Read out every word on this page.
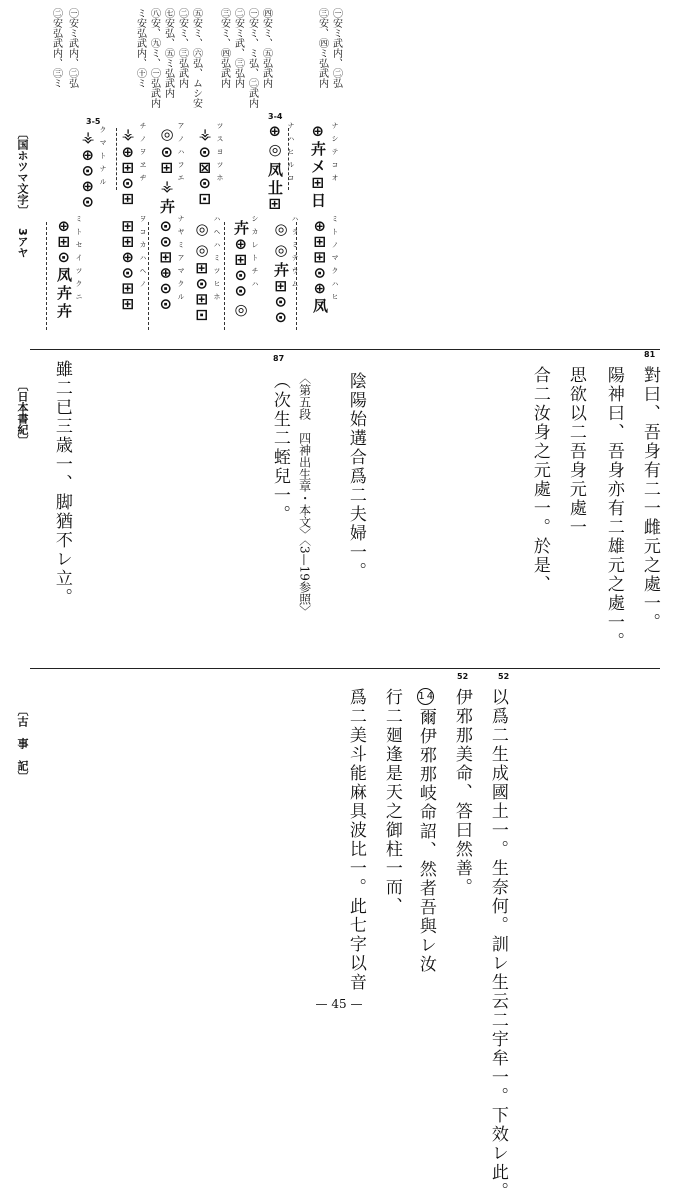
〔国ホツマ文字〕
3アヤ
㊀安ミ武内、㊁弘
㊂安、㊃ミ弘武内
㊃安ミ、㊄弘武内
㊀安ミ、ミ弘、㊁武内
㊁安ミ武、㊂弘内
㊂安ミ、㊃弘武内
㊄安ミ、㊅弘、ムシ安
㊁安ミ、㊂弘武内
㊆安弘、㊄ミ弘武内
㊇安、㊈ミ、㊀弘武内
ミ安弘武内、㊉ミ
㊀安ミ武内、㊁弘
㊁安弘武内、㊂ミ
3-4
3-5
ナシテコオ
⊕卉㐅⊞日
ナハヒルコ
⊕◎凤㐀⊞
ツスヨツホ
⚶⊙⊠⊙⊡
アノハフエ
◎⊙⊞⚶卉
チノヲヱヂ
⚶⊕⊞⊙⊞
クマトナル
⚶⊕⊙⊕⊙
ミトノマクハヒ
⊕⊞⊞⊙⊕凤
ハラミテウム
◎◎卉⊞⊙⊙
シカレトチハ
卉⊕⊞⊙⊙◎
ハヘハミツヒホ
◎◎⊞⊙⊞⊡
ナヤミアマクル
⊙⊙⊞⊕⊙⊙
ヲコカハヘノ
⊞⊞⊕⊙⊞⊞
ミトセイツクニ
⊕⊞⊙凤卉卉
〔日本書紀〕
81
對曰、吾身有二一雌元之處一。
陽神曰、吾身亦有二雄元之處一。
思欲以二吾身元處一
合二汝身之元處一。於是、
87
陰陽始遘合爲二夫婦一。
〈第五段　四神出生章・本文〉〈3—19参照〉
（次生二蛭兒一。
雖二已三歳一、脚猶不レ立。
〔古　事　記〕
52
以爲二生成國土一。生奈何。訓レ生云二宇牟一。下效レ此。
52
伊邪那美命、答曰然善。
14爾伊邪那岐命詔、然者吾與レ汝
行二廻逢是天之御柱一而、
爲二美斗能麻具波比一。此七字以音
— 45 —
